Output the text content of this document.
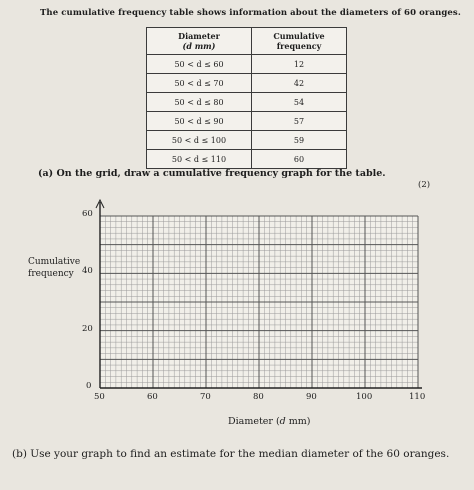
The cumulative frequency table shows information about the diameters of 60 oranges.
Diameter
(d mm)	Cumulative
frequency

50 < d ≤ 60	12
50 < d ≤ 70	42
50 < d ≤ 80	54
50 < d ≤ 90	57
50 < d ≤ 100	59
50 < d ≤ 110	60
(a) On the grid, draw a cumulative frequency graph for the table.
(2)
Cumulative
frequency
0
20
40
60
50	60	70	80	90	100	110
Diameter (d mm)
(b) Use your graph to find an estimate for the median diameter of the 60 oranges.
